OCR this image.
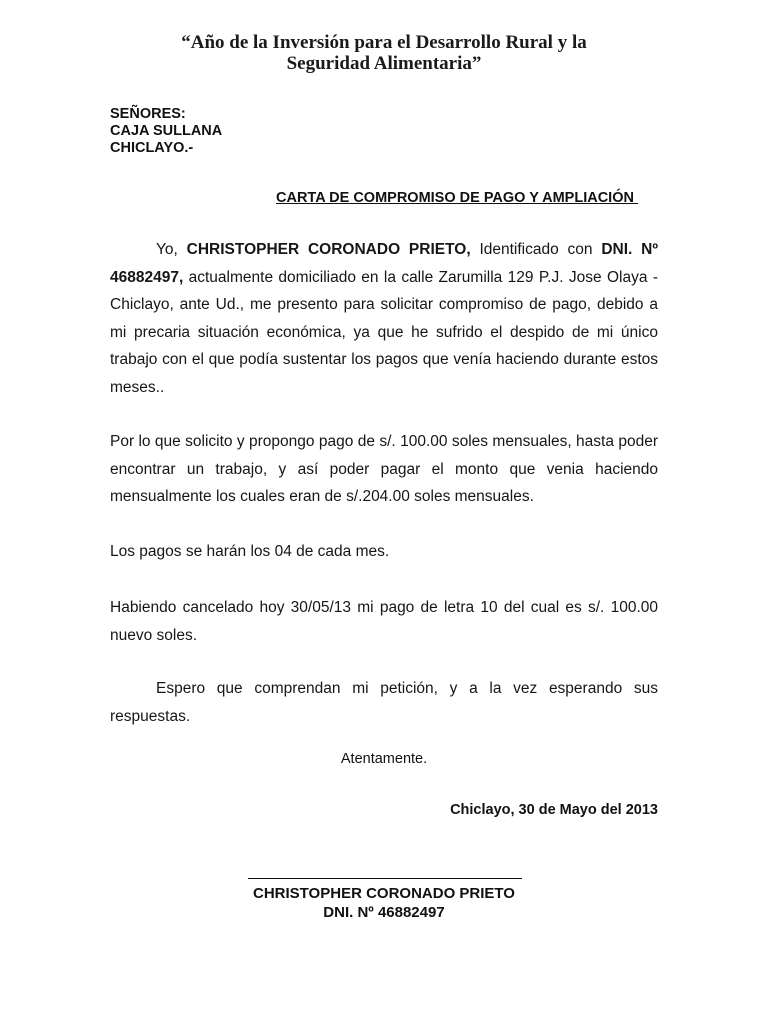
“Año de la Inversión para el Desarrollo Rural y la
Seguridad Alimentaria”
SEÑORES:
CAJA SULLANA
CHICLAYO.-
CARTA DE COMPROMISO DE PAGO Y AMPLIACIÓN
Yo, CHRISTOPHER CORONADO PRIETO, Identificado con DNI. Nº 46882497, actualmente domiciliado en la calle Zarumilla 129 P.J. Jose Olaya - Chiclayo, ante Ud., me presento para solicitar compromiso de pago, debido a mi precaria situación económica, ya que he sufrido el despido de mi único trabajo con el que podía sustentar los pagos que venía haciendo durante estos meses..
Por lo que solicito y propongo pago de s/. 100.00 soles mensuales, hasta poder encontrar un trabajo, y así poder pagar el monto que venia haciendo mensualmente los cuales eran de s/.204.00 soles mensuales.
Los pagos se harán los 04 de cada mes.
Habiendo cancelado hoy 30/05/13 mi pago de letra 10 del cual es s/. 100.00 nuevo soles.
Espero que comprendan mi petición, y a la vez esperando sus respuestas.
Atentamente.
Chiclayo, 30 de Mayo del 2013
CHRISTOPHER CORONADO PRIETO
DNI. Nº 46882497
